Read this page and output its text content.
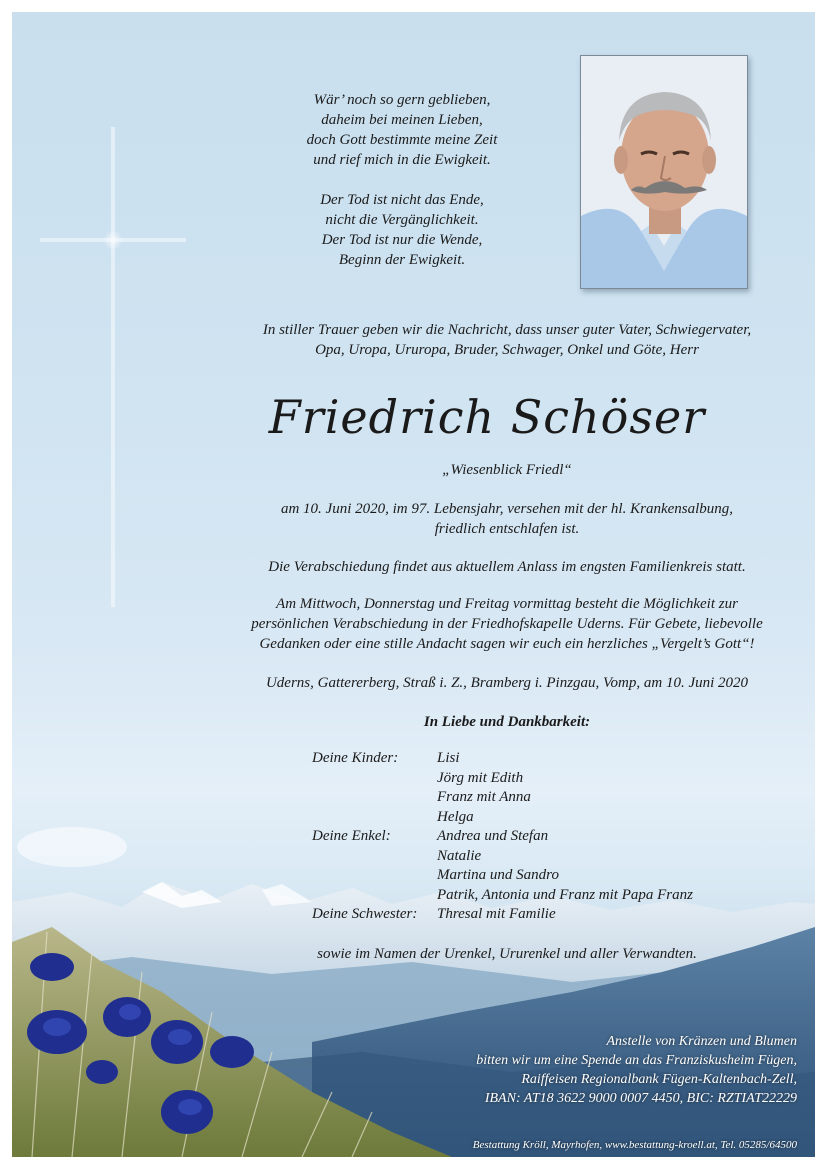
Wär’ noch so gern geblieben,
daheim bei meinen Lieben,
doch Gott bestimmte meine Zeit
und rief mich in die Ewigkeit.

Der Tod ist nicht das Ende,
nicht die Vergänglichkeit.
Der Tod ist nur die Wende,
Beginn der Ewigkeit.

In stiller Trauer geben wir die Nachricht, dass unser guter Vater, Schwiegervater,
Opa, Uropa, Ururopa, Bruder, Schwager, Onkel und Göte, Herr
Friedrich Schöser
„Wiesenblick Friedl“
am 10. Juni 2020, im 97. Lebensjahr, versehen mit der hl. Krankensalbung,
friedlich entschlafen ist.
Die Verabschiedung findet aus aktuellem Anlass im engsten Familienkreis statt.
Am Mittwoch, Donnerstag und Freitag vormittag besteht die Möglichkeit zur
persönlichen Verabschiedung in der Friedhofskapelle Uderns. Für Gebete, liebevolle
Gedanken oder eine stille Andacht sagen wir euch ein herzliches „Vergelt’s Gott“!
Uderns, Gattererberg, Straß i. Z., Bramberg i. Pinzgau, Vomp, am 10. Juni 2020
In Liebe und Dankbarkeit:
Deine Kinder:	Lisi
Jörg mit Edith
Franz mit Anna
Helga
Deine Enkel:	Andrea und Stefan
Natalie
Martina und Sandro
Patrik, Antonia und Franz mit Papa Franz
Deine Schwester:	Thresal mit Familie
sowie im Namen der Urenkel, Ururenkel und aller Verwandten.
Anstelle von Kränzen und Blumen
bitten wir um eine Spende an das Franziskusheim Fügen,
Raiffeisen Regionalbank Fügen-Kaltenbach-Zell,
IBAN: AT18 3622 9000 0007 4450, BIC: RZTIAT22229
Bestattung Kröll, Mayrhofen, www.bestattung-kroell.at, Tel. 05285/64500
